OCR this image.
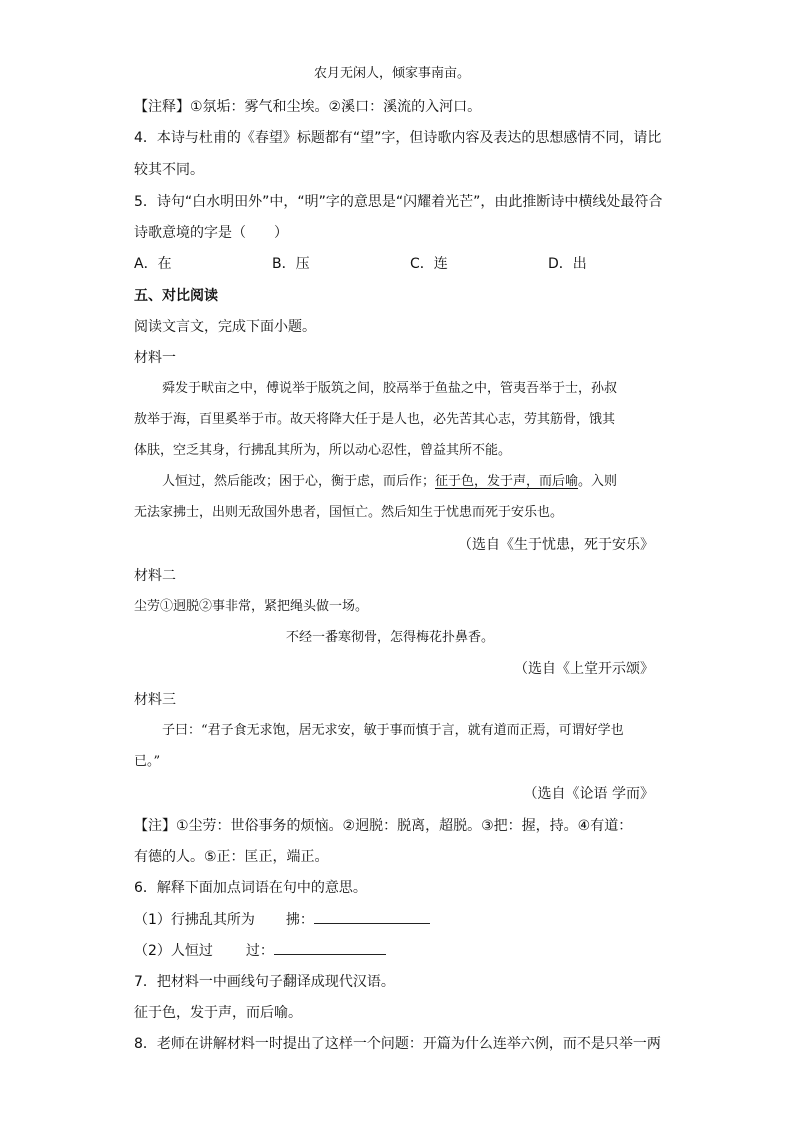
农月无闲人，倾家事南亩。
【注释】①氛垢：雾气和尘埃。②溪口：溪流的入河口。
4．本诗与杜甫的《春望》标题都有“望”字，但诗歌内容及表达的思想感情不同，请比
较其不同。
5．诗句“白水明田外”中，“明”字的意思是“闪耀着光芒”，由此推断诗中横线处最符合
诗歌意境的字是（　　）
A．在	B．压	C．连	D．出
五、对比阅读
阅读文言文，完成下面小题。
材料一
舜发于畎亩之中，傅说举于版筑之间，胶鬲举于鱼盐之中，管夷吾举于士，孙叔
敖举于海，百里奚举于市。故天将降大任于是人也，必先苦其心志，劳其筋骨，饿其
体肤，空乏其身，行拂乱其所为，所以动心忍性，曾益其所不能。
人恒过，然后能改；困于心，衡于虑，而后作；征于色，发于声，而后喻。入则
无法家拂士，出则无敌国外患者，国恒亡。然后知生于忧患而死于安乐也。
（选自《生于忧患，死于安乐》
材料二
尘劳①迥脱②事非常，紧把绳头做一场。
不经一番寒彻骨，怎得梅花扑鼻香。
（选自《上堂开示颂》
材料三
子曰：“君子食无求饱，居无求安，敏于事而慎于言，就有道而正焉，可谓好学也
已。”
（选自《论语 学而》
【注】①尘劳：世俗事务的烦恼。②迥脱：脱离，超脱。③把：握，持。④有道：
有德的人。⑤正：匡正，端正。
6．解释下面加点词语在句中的意思。
（1）行拂乱其所为 拂：
（2）人恒过 过：
7．把材料一中画线句子翻译成现代汉语。
征于色，发于声，而后喻。
8．老师在讲解材料一时提出了这样一个问题：开篇为什么连举六例，而不是只举一两
